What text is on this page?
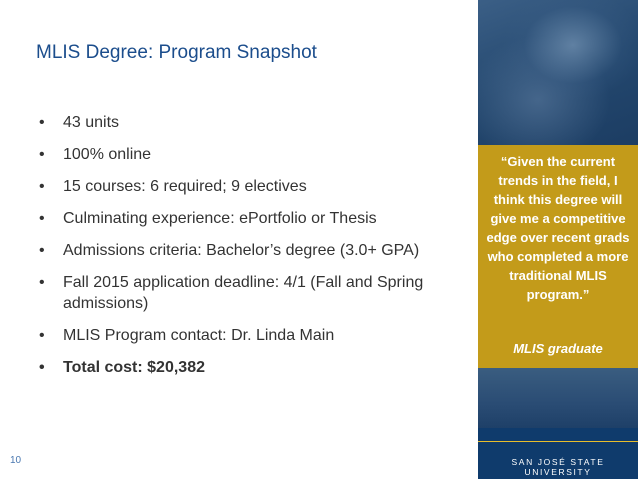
MLIS Degree: Program Snapshot
• 43 units
• 100% online
• 15 courses: 6 required; 9 electives
• Culminating experience: ePortfolio or Thesis
• Admissions criteria: Bachelor’s degree (3.0+ GPA)
• Fall 2015 application deadline: 4/1 (Fall and Spring admissions)
• MLIS Program contact: Dr. Linda Main
• Total cost: $20,382
10
“Given the current trends in the field, I think this degree will give me a competitive edge over recent grads who completed a more traditional MLIS program.”
MLIS graduate
SAN JOSÉ STATE UNIVERSITY
